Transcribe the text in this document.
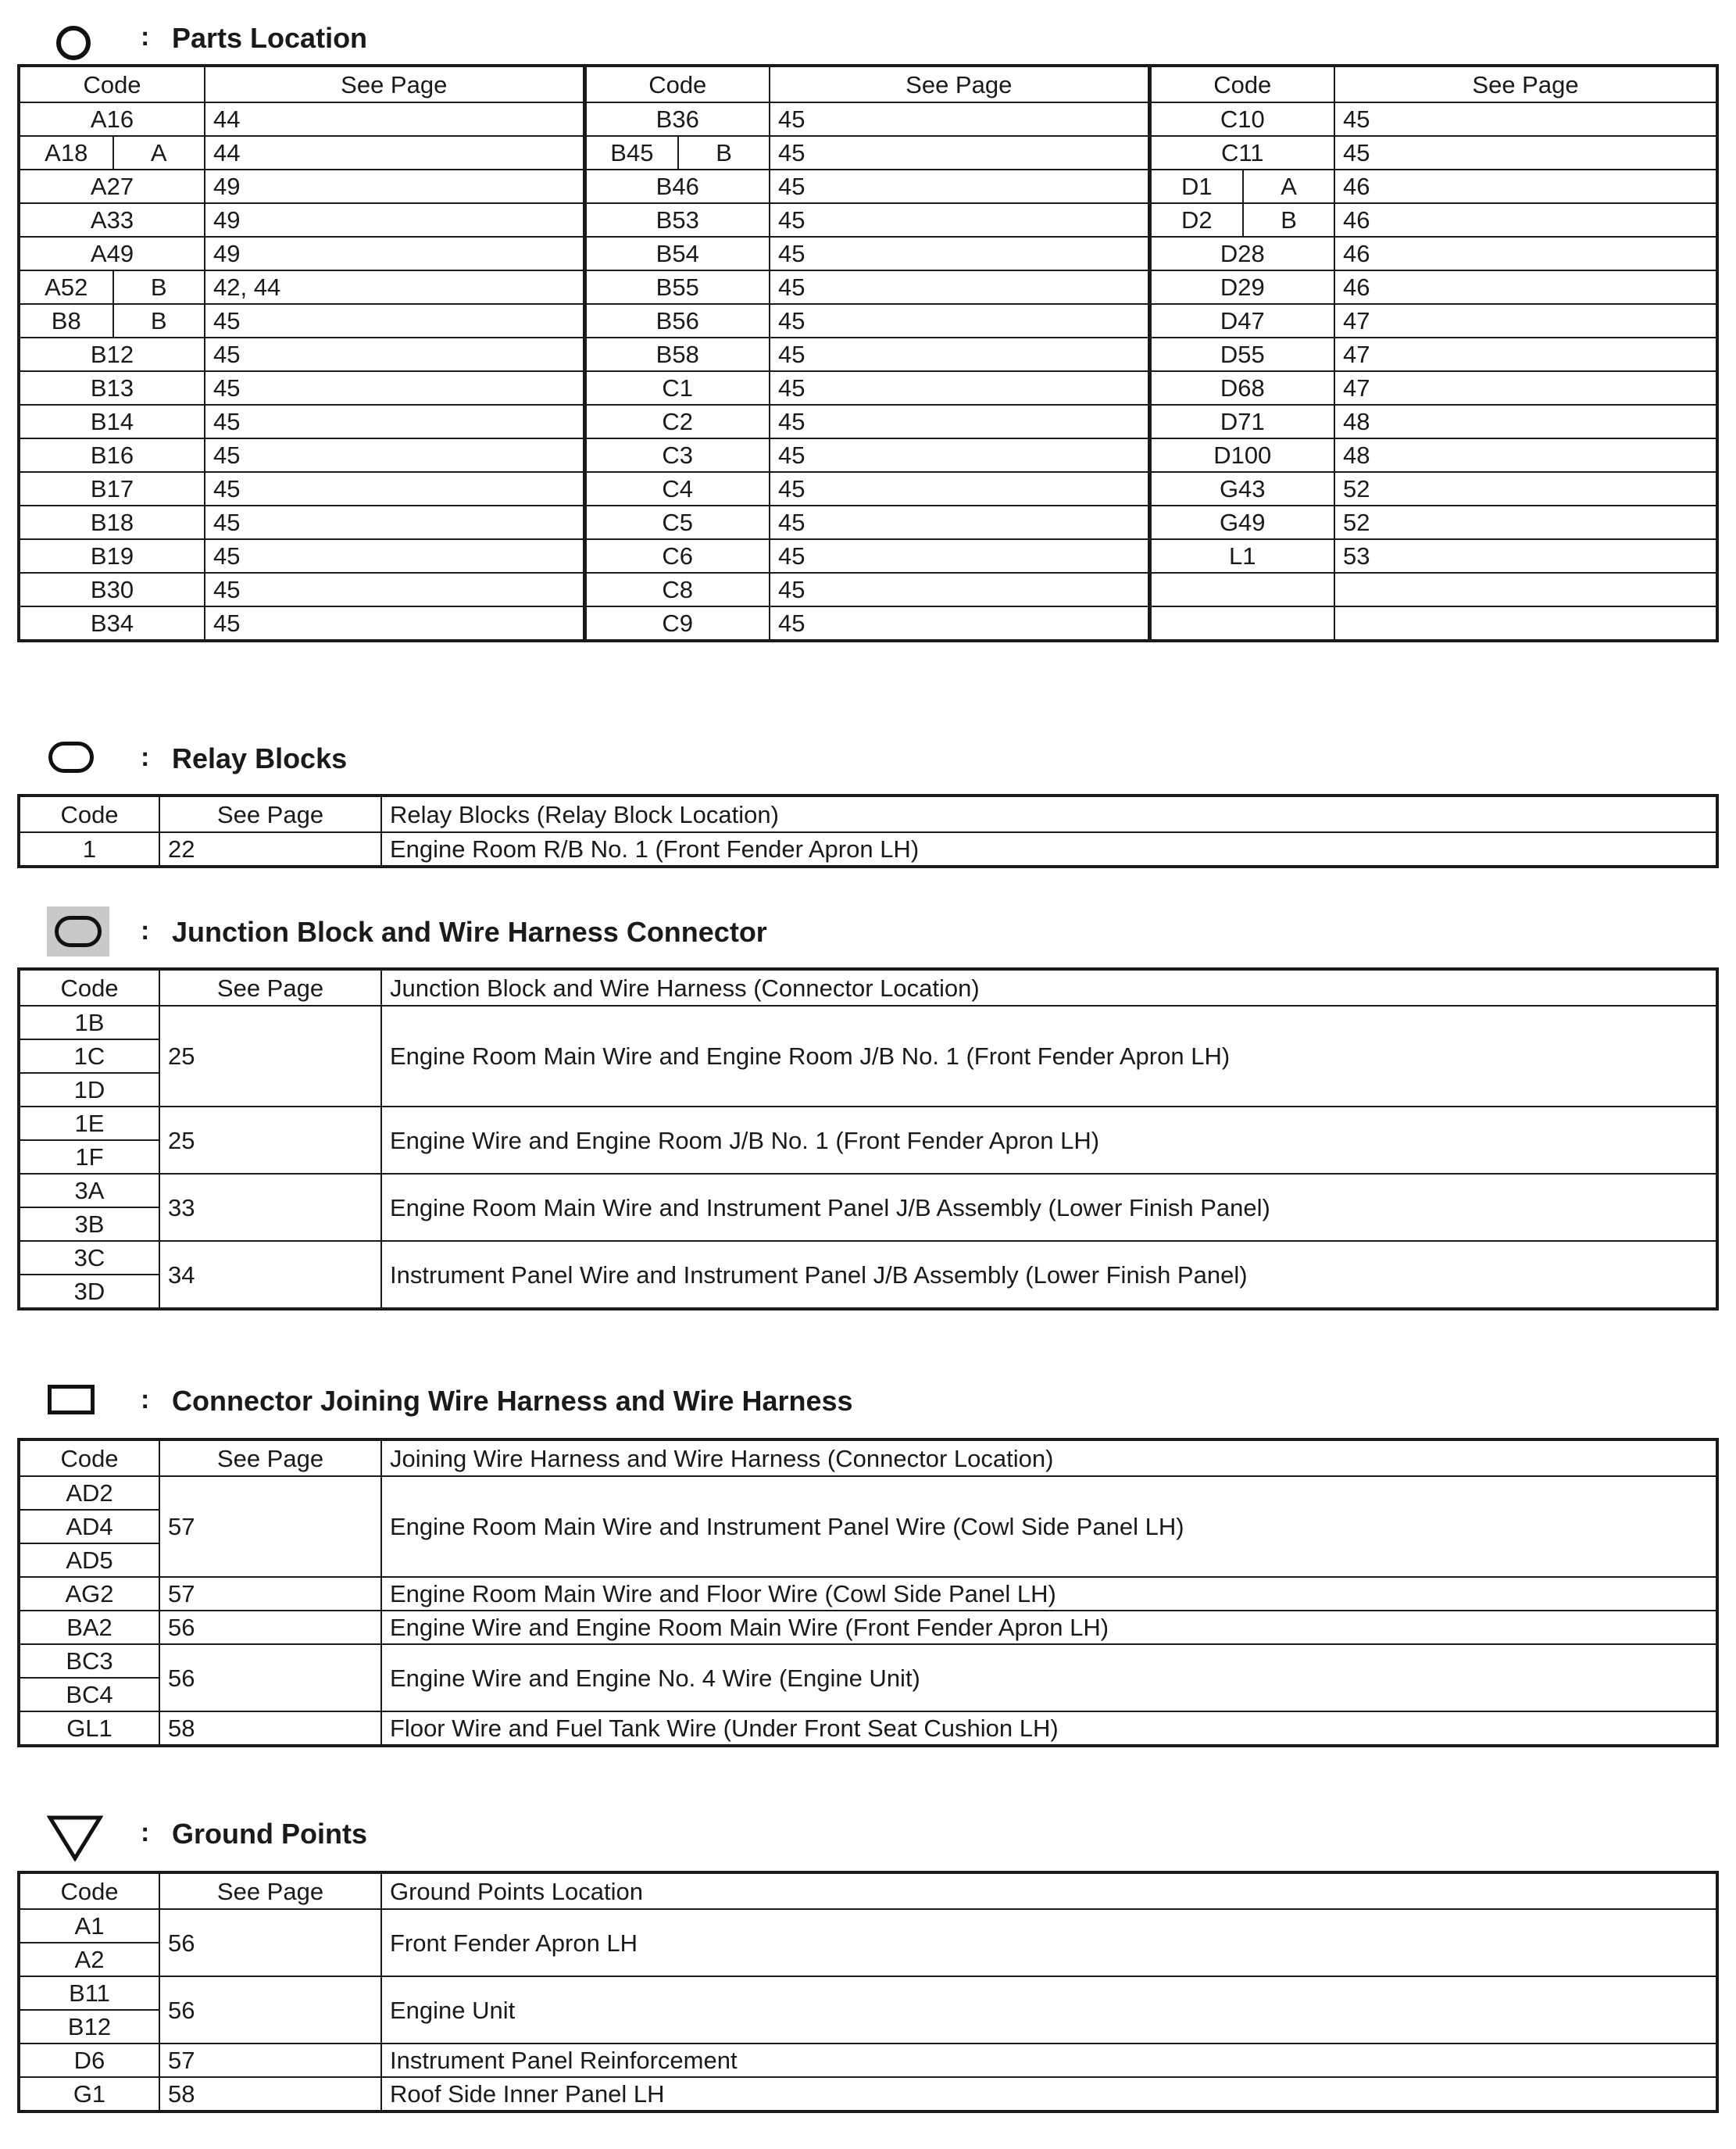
: Parts Location
Code	See Page	Code	See Page	Code	See Page
A16	44	B36	45	C10	45

A18 A	44	B45 B	45	C11	45
A27	49	B46	45	D1 A	46
A33	49	B53	45	D2 B	46
A49	49	B54	45	D28	46

A52 B	42, 44	B55	45	D29	46

B8 B	45	B56	45	D47	47
B12	45	B58	45	D55	47
B13	45	C1	45	D68	47
B14	45	C2	45	D71	48
B16	45	C3	45	D100	48
B17	45	C4	45	G43	52
B18	45	C5	45	G49	52
B19	45	C6	45	L1	53
B30	45	C8	45		
B34	45	C9	45		
: Relay Blocks
Code	See Page	Relay Blocks (Relay Block Location)
1	22	Engine Room R/B No. 1 (Front Fender Apron LH)
: Junction Block and Wire Harness Connector
Code	See Page	Junction Block and Wire Harness (Connector Location)
1B	25	Engine Room Main Wire and Engine Room J/B No. 1 (Front Fender Apron LH)
1C		
1D		
1E	25	Engine Wire and Engine Room J/B No. 1 (Front Fender Apron LH)
1F		
3A	33	Engine Room Main Wire and Instrument Panel J/B Assembly (Lower Finish Panel)
3B		
3C	34	Instrument Panel Wire and Instrument Panel J/B Assembly (Lower Finish Panel)
3D		
: Connector Joining Wire Harness and Wire Harness
Code	See Page	Joining Wire Harness and Wire Harness (Connector Location)
AD2	57	Engine Room Main Wire and Instrument Panel Wire (Cowl Side Panel LH)
AD4		
AD5		
AG2	57	Engine Room Main Wire and Floor Wire (Cowl Side Panel LH)
BA2	56	Engine Wire and Engine Room Main Wire (Front Fender Apron LH)
BC3	56	Engine Wire and Engine No. 4 Wire (Engine Unit)
BC4		
GL1	58	Floor Wire and Fuel Tank Wire (Under Front Seat Cushion LH)
: Ground Points
Code	See Page	Ground Points Location
A1	56	Front Fender Apron LH
A2		
B11	56	Engine Unit
B12		
D6	57	Instrument Panel Reinforcement
G1	58	Roof Side Inner Panel LH
